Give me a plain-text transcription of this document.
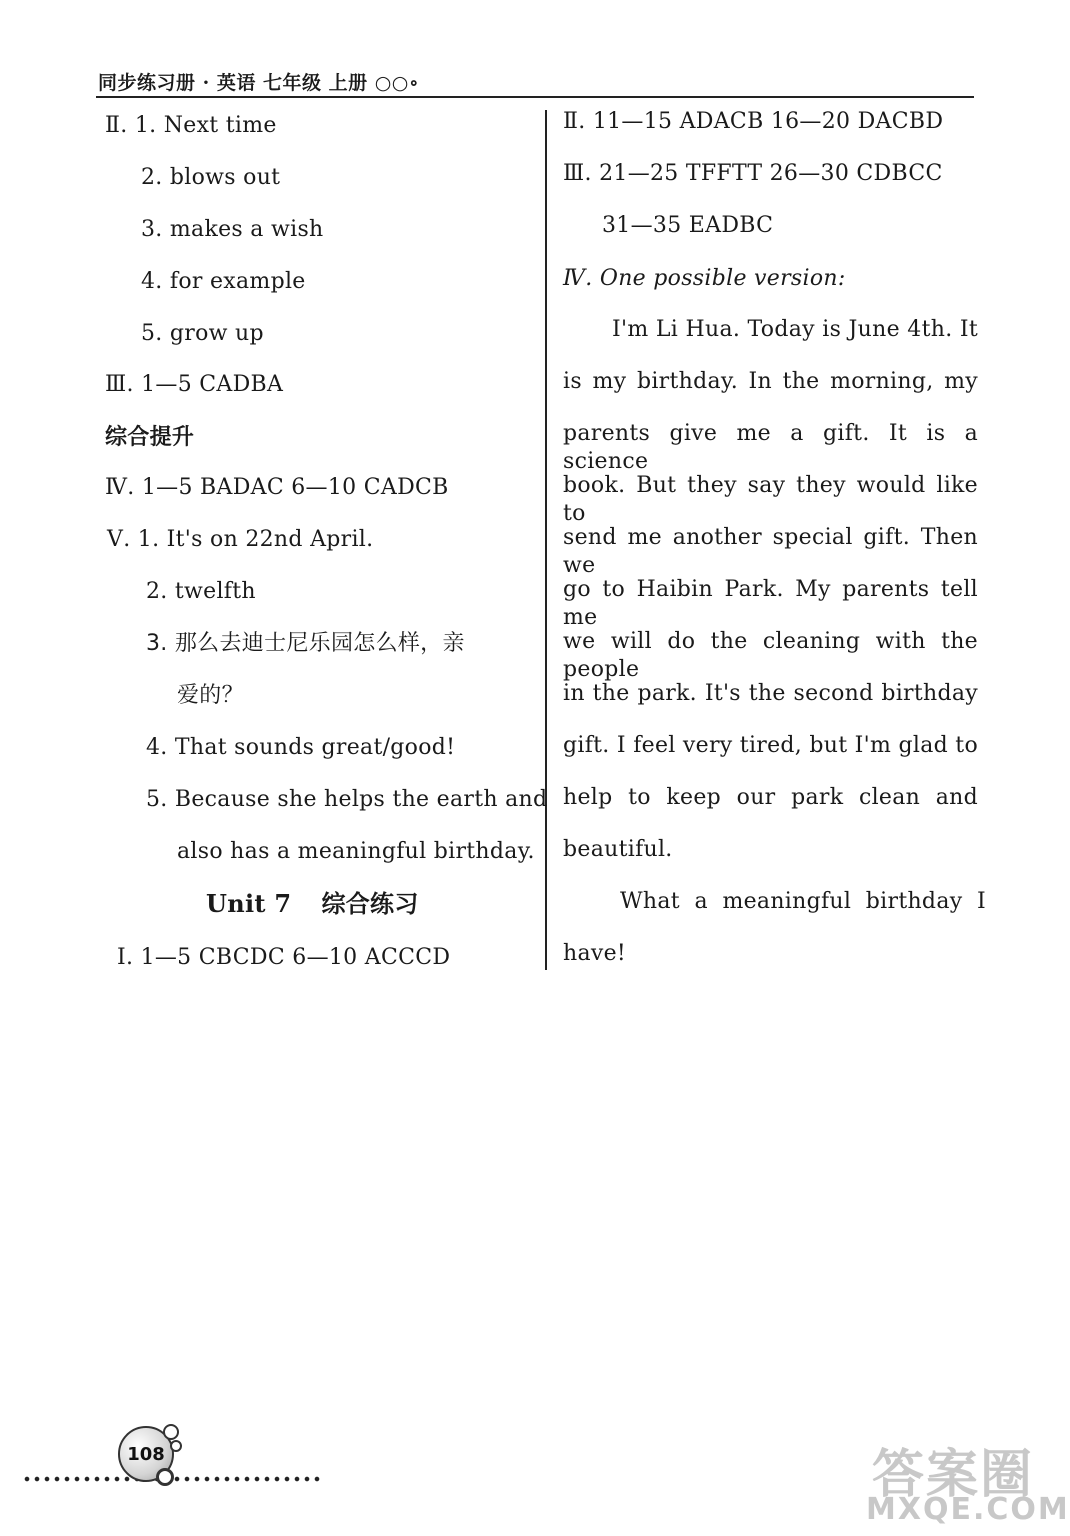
同步练习册 · 英语 七年级 上册 ○○∘
Ⅱ. 1. Next time
2. blows out
3. makes a wish
4. for example
5. grow up
Ⅲ. 1—5 CADBA
综合提升
Ⅳ. 1—5 BADAC 6—10 CADCB
Ⅴ. 1. It's on 22nd April.
2. twelfth
3. 那么去迪士尼乐园怎么样，亲
爱的？
4. That sounds great/good!
5. Because she helps the earth and
also has a meaningful birthday.
Unit 7 综合练习
Ⅰ. 1—5 CBCDC 6—10 ACCCD
Ⅱ. 11—15 ADACB 16—20 DACBD
Ⅲ. 21—25 TFFTT 26—30 CDBCC
31—35 EADBC
Ⅳ. One possible version:
I'm Li Hua. Today is June 4th. It
is my birthday. In the morning, my
parents give me a gift. It is a science
book. But they say they would like to
send me another special gift. Then we
go to Haibin Park. My parents tell me
we will do the cleaning with the people
in the park. It's the second birthday
gift. I feel very tired, but I'm glad to
help to keep our park clean and
beautiful.
What a meaningful birthday I
have!
108	答案圈
MXQE.COM
